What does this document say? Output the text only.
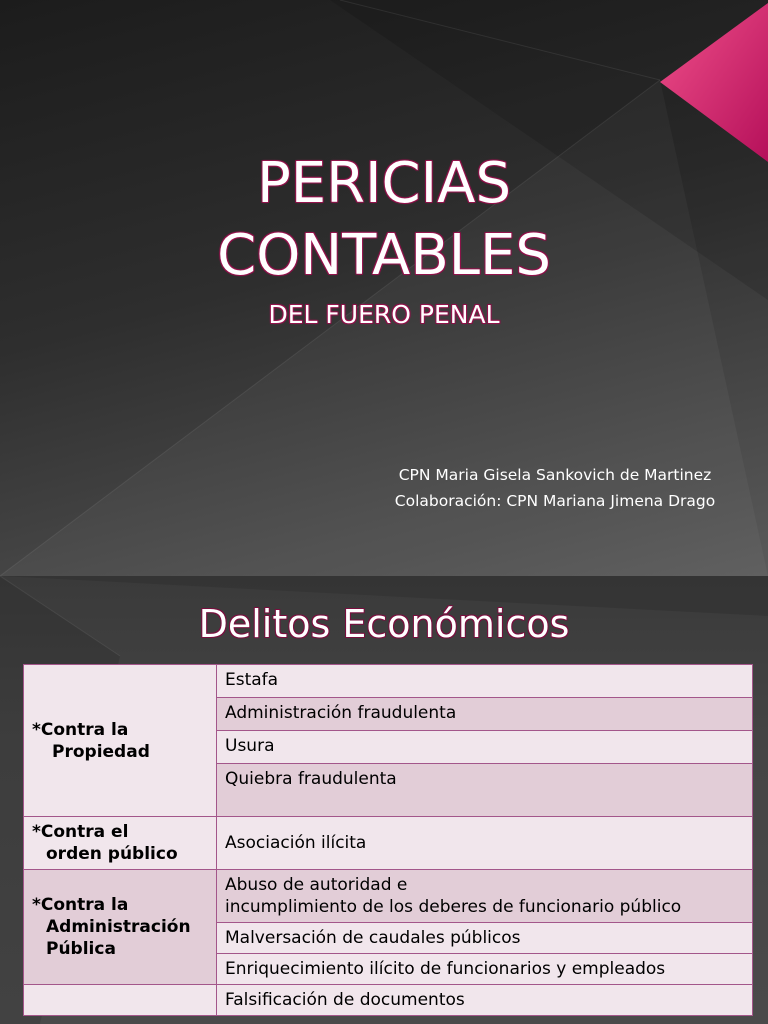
PERICIAS
CONTABLES
DEL FUERO PENAL
CPN Maria Gisela Sankovich de Martinez
Colaboración: CPN Mariana Jimena Drago
Delitos Económicos
*Contra la
Propiedad	Estafa
	Administración fraudulenta
	Usura
	Quiebra fraudulenta
*Contra el
orden público	Asociación ilícita
*Contra la
Administración
Pública	Abuso de autoridad e
incumplimiento de los deberes de funcionario público
	Malversación de caudales públicos
	Enriquecimiento ilícito de funcionarios y empleados
	Falsificación de documentos
